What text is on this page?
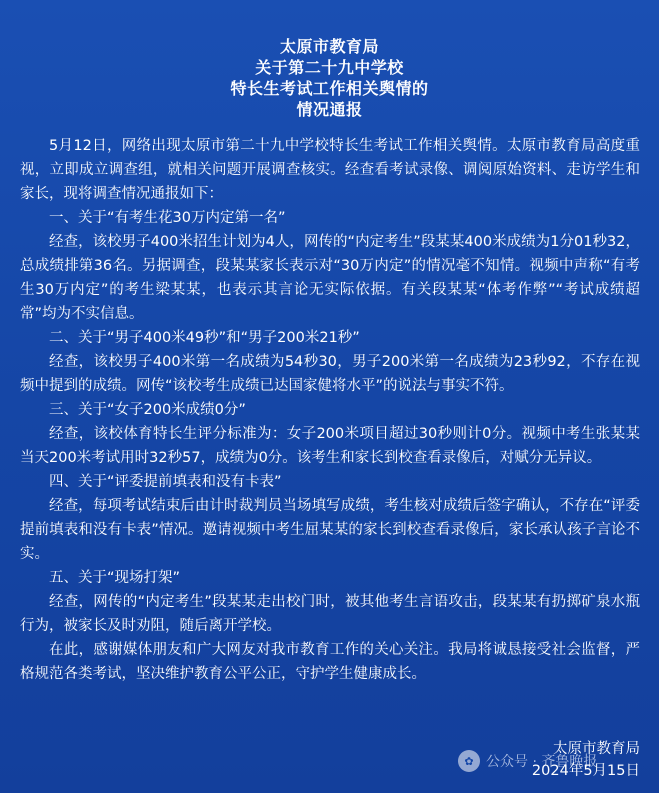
太原市教育局
关于第二十九中学校
特长生考试工作相关舆情的
情况通报

5月12日，网络出现太原市第二十九中学校特长生考试工作相关舆情。太原市教育局高度重视，立即成立调查组，就相关问题开展调查核实。经查看考试录像、调阅原始资料、走访学生和家长，现将调查情况通报如下：

一、关于“有考生花30万内定第一名”

经查，该校男子400米招生计划为4人，网传的“内定考生”段某某400米成绩为1分01秒32，总成绩排第36名。另据调查，段某某家长表示对“30万内定”的情况毫不知情。视频中声称“有考生30万内定”的考生梁某某，也表示其言论无实际依据。有关段某某“体考作弊”“考试成绩超常”均为不实信息。

二、关于“男子400米49秒”和“男子200米21秒”

经查，该校男子400米第一名成绩为54秒30，男子200米第一名成绩为23秒92，不存在视频中提到的成绩。网传“该校考生成绩已达国家健将水平”的说法与事实不符。

三、关于“女子200米成绩0分”

经查，该校体育特长生评分标准为：女子200米项目超过30秒则计0分。视频中考生张某某当天200米考试用时32秒57，成绩为0分。该考生和家长到校查看录像后，对赋分无异议。

四、关于“评委提前填表和没有卡表”

经查，每项考试结束后由计时裁判员当场填写成绩，考生核对成绩后签字确认，不存在“评委提前填表和没有卡表”情况。邀请视频中考生屈某某的家长到校查看录像后，家长承认孩子言论不实。

五、关于“现场打架”

经查，网传的“内定考生”段某某走出校门时，被其他考生言语攻击，段某某有扔掷矿泉水瓶行为，被家长及时劝阻，随后离开学校。

在此，感谢媒体朋友和广大网友对我市教育工作的关心关注。我局将诚恳接受社会监督，严格规范各类考试，坚决维护教育公平公正，守护学生健康成长。

✿ 公众号 · 齐鲁晚报
太原市教育局
2024年5月15日
